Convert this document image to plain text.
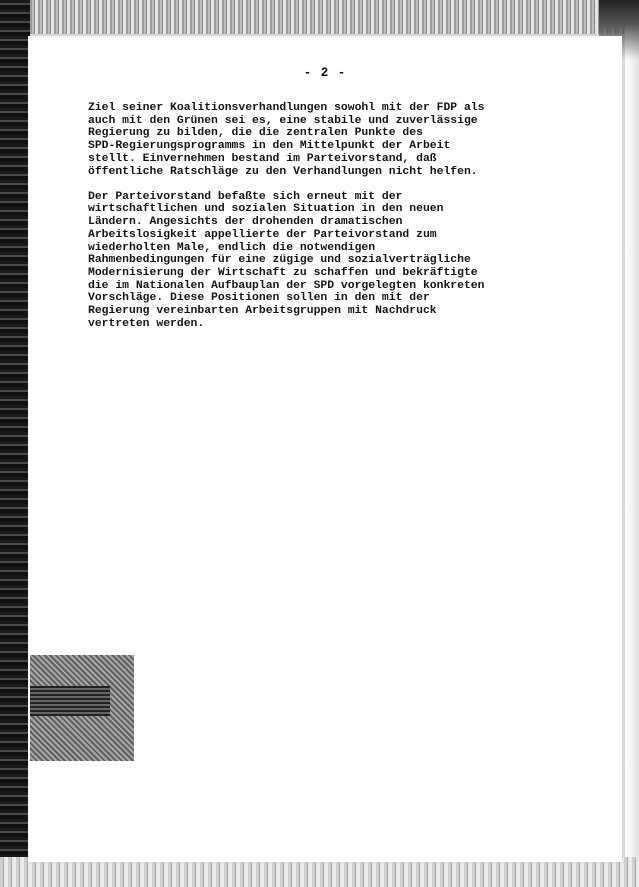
- 2 -

Ziel seiner Koalitionsverhandlungen sowohl mit der FDP als
auch mit den Grünen sei es, eine stabile und zuverlässige
Regierung zu bilden, die die zentralen Punkte des
SPD-Regierungsprogramms in den Mittelpunkt der Arbeit
stellt. Einvernehmen bestand im Parteivorstand, daß
öffentliche Ratschläge zu den Verhandlungen nicht helfen.

Der Parteivorstand befaßte sich erneut mit der
wirtschaftlichen und sozialen Situation in den neuen
Ländern. Angesichts der drohenden dramatischen
Arbeitslosigkeit appellierte der Parteivorstand zum
wiederholten Male, endlich die notwendigen
Rahmenbedingungen für eine zügige und sozialverträgliche
Modernisierung der Wirtschaft zu schaffen und bekräftigte
die im Nationalen Aufbauplan der SPD vorgelegten konkreten
Vorschläge. Diese Positionen sollen in den mit der
Regierung vereinbarten Arbeitsgruppen mit Nachdruck
vertreten werden.
